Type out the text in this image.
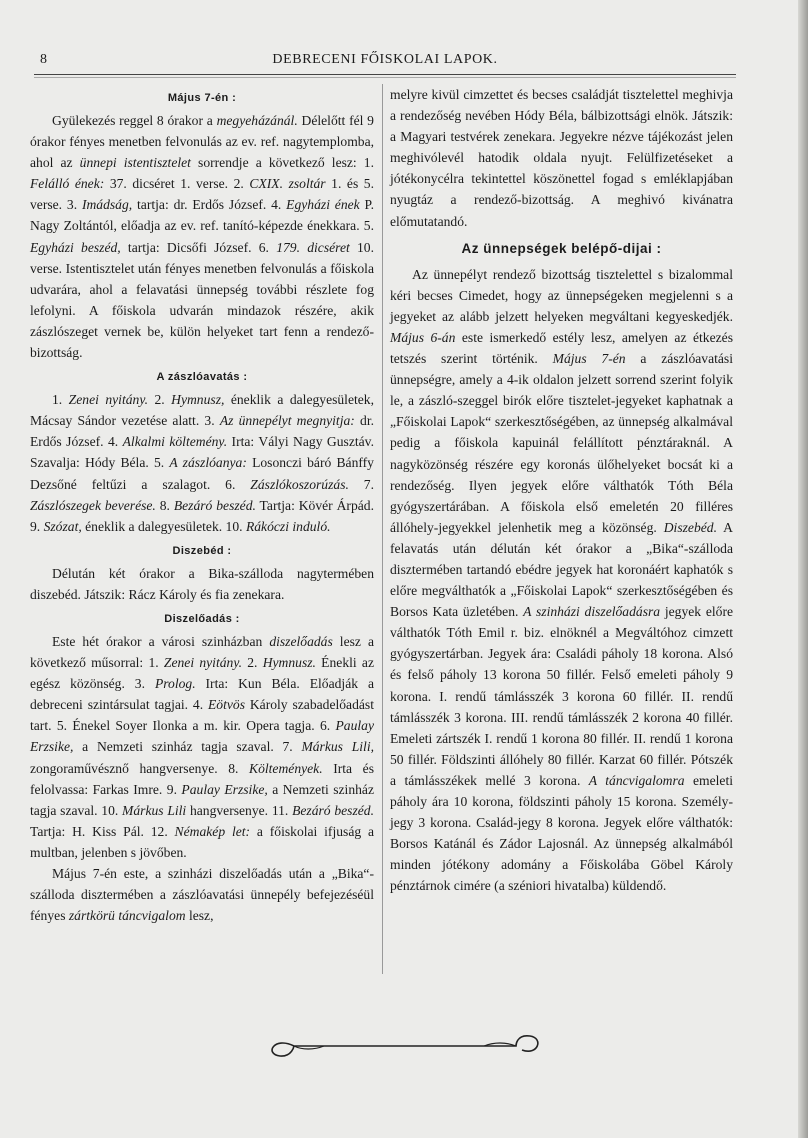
8	DEBRECENI FŐISKOLAI LAPOK.
Május 7-én :

Gyülekezés reggel 8 órakor a megyeházánál. Délelőtt fél 9 órakor fényes menetben felvonulás az ev. ref. nagytemplomba, ahol az ünnepi istentisztelet sorrendje a következő lesz: 1. Felálló ének: 37. dicséret 1. verse. 2. CXIX. zsoltár 1. és 5. verse. 3. Imádság, tartja: dr. Erdős József. 4. Egyházi ének P. Nagy Zoltántól, előadja az ev. ref. tanító-képezde énekkara. 5. Egyházi beszéd, tartja: Dicsőfi József. 6. 179. dicséret 10. verse. Istentisztelet után fényes menetben felvonulás a főiskola udvarára, ahol a felavatási ünnepség további részlete fog lefolyni. A főiskola udvarán mindazok részére, akik zászlószeget vernek be, külön helyeket tart fenn a rendező-bizottság.

A zászlóavatás :

1. Zenei nyitány. 2. Hymnusz, éneklik a dalegyesületek, Mácsay Sándor vezetése alatt. 3. Az ünnepélyt megnyitja: dr. Erdős József. 4. Alkalmi költemény. Irta: Vályi Nagy Gusztáv. Szavalja: Hódy Béla. 5. A zászlóanya: Losonczi báró Bánffy Dezsőné feltűzi a szalagot. 6. Zászlókoszorúzás. 7. Zászlószegek beverése. 8. Bezáró beszéd. Tartja: Kövér Árpád. 9. Szózat, éneklik a dalegyesületek. 10. Rákóczi induló.

Diszebéd :

Délután két órakor a Bika-szálloda nagytermében diszebéd. Játszik: Rácz Károly és fia zenekara.

Diszelőadás :

Este hét órakor a városi szinházban diszelőadás lesz a következő műsorral: 1. Zenei nyitány. 2. Hymnusz. Énekli az egész közönség. 3. Prolog. Irta: Kun Béla. Előadják a debreceni szintársulat tagjai. 4. Eötvös Károly szabadelőadást tart. 5. Énekel Soyer Ilonka a m. kir. Opera tagja. 6. Paulay Erzsike, a Nemzeti szinház tagja szaval. 7. Márkus Lili, zongoraművésznő hangversenye. 8. Költemények. Irta és felolvassa: Farkas Imre. 9. Paulay Erzsike, a Nemzeti szinház tagja szaval. 10. Márkus Lili hangversenye. 11. Bezáró beszéd. Tartja: H. Kiss Pál. 12. Némakép let: a főiskolai ifjuság a multban, jelenben s jövőben.

Május 7-én este, a szinházi diszelőadás után a „Bika“-szálloda disztermében a zászlóavatási ünnepély befejezéséül fényes zártkörü táncvigalom lesz,

melyre kivül cimzettet és becses családját tisztelettel meghivja a rendezőség nevében Hódy Béla, bálbizottsági elnök. Játszik: a Magyari testvérek zenekara. Jegyekre nézve tájékozást jelen meghivólevél hatodik oldala nyujt. Felülfizetéseket a jótékonycélra tekintettel köszönettel fogad s emléklapjában nyugtáz a rendező-bizottság. A meghivó kivánatra előmutatandó.

Az ünnepségek belépő-dijai :

Az ünnepélyt rendező bizottság tisztelettel s bizalommal kéri becses Cimedet, hogy az ünnepségeken megjelenni s a jegyeket az alább jelzett helyeken megváltani kegyeskedjék. Május 6-án este ismerkedő estély lesz, amelyen az étkezés tetszés szerint történik. Május 7-én a zászlóavatási ünnepségre, amely a 4-ik oldalon jelzett sorrend szerint folyik le, a zászló-szeggel birók előre tisztelet-jegyeket kaphatnak a „Főiskolai Lapok“ szerkesztőségében, az ünnepség alkalmával pedig a főiskola kapuinál felállított pénztáraknál. A nagyközönség részére egy koronás ülőhelyeket bocsát ki a rendezőség. Ilyen jegyek előre válthatók Tóth Béla gyógyszertárában. A főiskola első emeletén 20 filléres állóhely-jegyekkel jelenhetik meg a közönség. Diszebéd. A felavatás után délután két órakor a „Bika“-szálloda disztermében tartandó ebédre jegyek hat koronáért kaphatók s előre megválthatók a „Főiskolai Lapok“ szerkesztőségében és Borsos Kata üzletében. A szinházi diszelőadásra jegyek előre válthatók Tóth Emil r. biz. elnöknél a Megváltóhoz cimzett gyógyszertárban. Jegyek ára: Családi páholy 18 korona. Alsó és felső páholy 13 korona 50 fillér. Felső emeleti páholy 9 korona. I. rendű támlásszék 3 korona 60 fillér. II. rendű támlásszék 3 korona. III. rendű támlásszék 2 korona 40 fillér. Emeleti zártszék I. rendű 1 korona 80 fillér. II. rendű 1 korona 50 fillér. Földszinti állóhely 80 fillér. Karzat 60 fillér. Pótszék a támlásszékek mellé 3 korona. A táncvigalomra emeleti páholy ára 10 korona, földszinti páholy 15 korona. Személy-jegy 3 korona. Család-jegy 8 korona. Jegyek előre válthatók: Borsos Katánál és Zádor Lajosnál. Az ünnepség alkalmából minden jótékony adomány a Főiskolába Göbel Károly pénztárnok cimére (a széniori hivatalba) küldendő.
